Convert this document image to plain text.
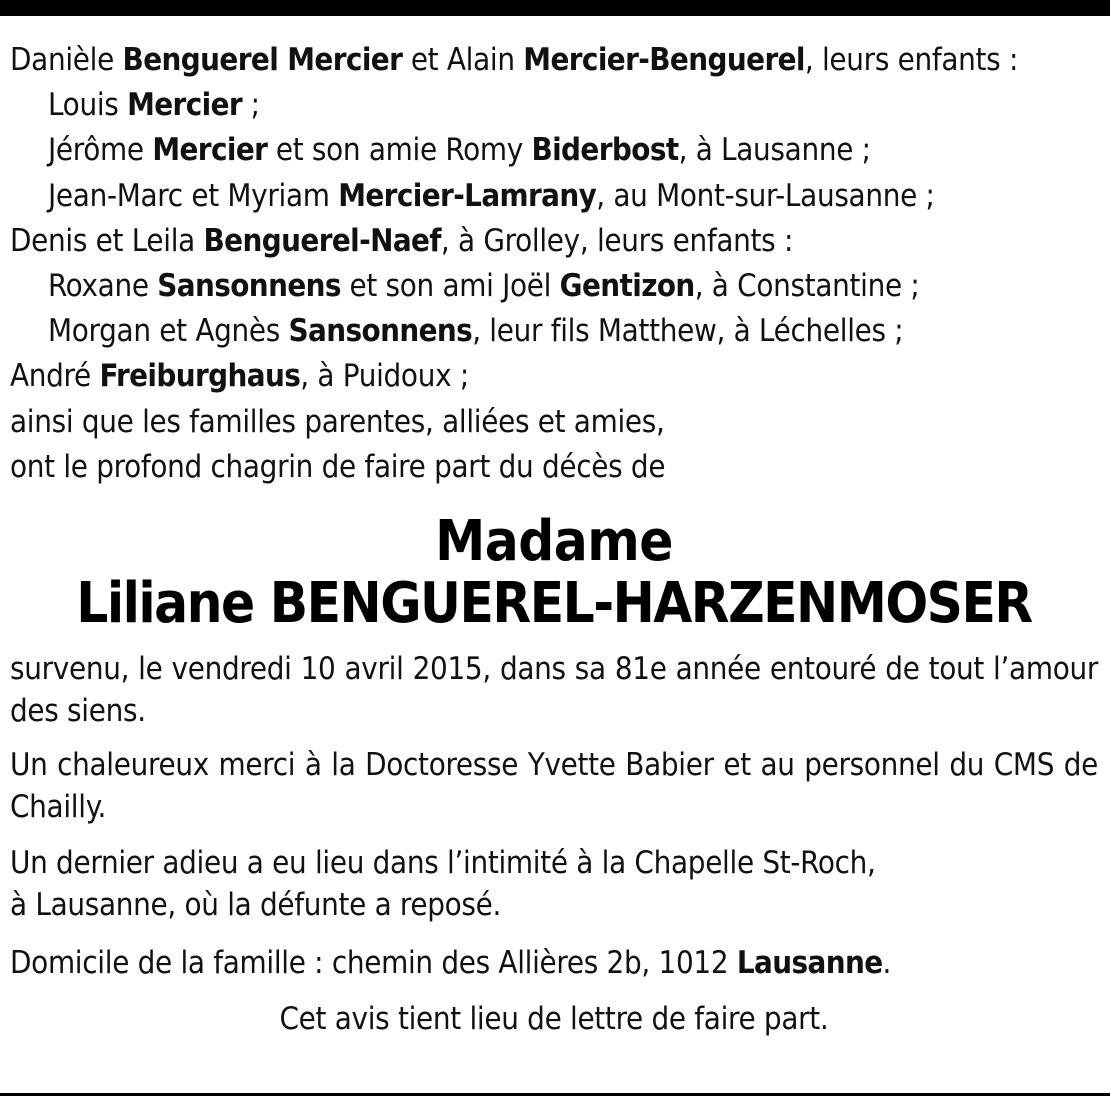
Danièle Benguerel Mercier et Alain Mercier-Benguerel, leurs enfants :
Louis Mercier ;
Jérôme Mercier et son amie Romy Biderbost, à Lausanne ;
Jean-Marc et Myriam Mercier-Lamrany, au Mont-sur-Lausanne ;
Denis et Leila Benguerel-Naef, à Grolley, leurs enfants :
Roxane Sansonnens et son ami Joël Gentizon, à Constantine ;
Morgan et Agnès Sansonnens, leur fils Matthew, à Léchelles ;
André Freiburghaus, à Puidoux ;
ainsi que les familles parentes, alliées et amies,
ont le profond chagrin de faire part du décès de
Madame
Liliane BENGUEREL-HARZENMOSER
survenu, le vendredi 10 avril 2015, dans sa 81e année entouré de tout l’amour des siens.
Un chaleureux merci à la Doctoresse Yvette Babier et au personnel du CMS de Chailly.
Un dernier adieu a eu lieu dans l’intimité à la Chapelle St-Roch,
à Lausanne, où la défunte a reposé.
Domicile de la famille : chemin des Allières 2b, 1012 Lausanne.
Cet avis tient lieu de lettre de faire part.
